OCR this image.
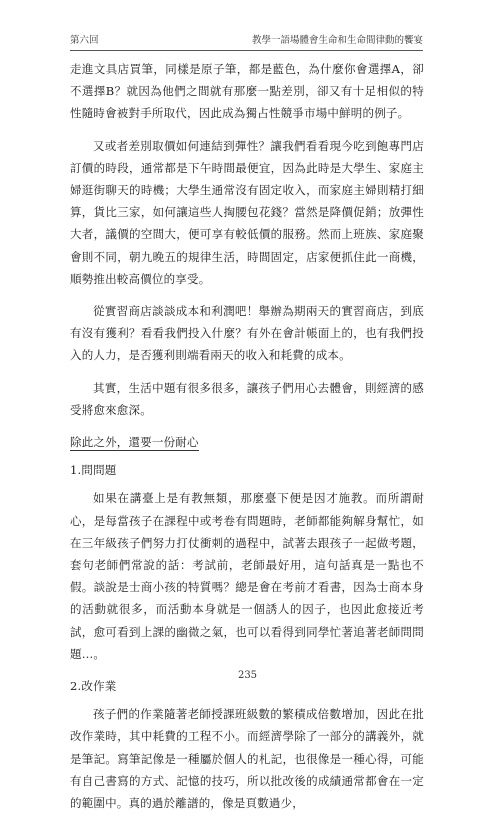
第六回	教學一語場體會生命和生命間律動的饗宴

走進文具店買筆，同樣是原子筆，都是藍色，為什麼你會選擇A，卻不選擇B？就因為他們之間就有那麼一點差別，卻又有十足相似的特性隨時會被對手所取代，因此成為獨占性競爭市場中鮮明的例子。

又或者差別取價如何連結到彈性？讓我們看看現今吃到飽專門店訂價的時段，通常都是下午時間最便宜，因為此時是大學生、家庭主婦逛街聊天的時機；大學生通常沒有固定收入，而家庭主婦則精打細算，貨比三家，如何讓這些人掏腰包花錢？當然是降價促銷；放彈性大者，議價的空間大，便可享有較低價的服務。然而上班族、家庭聚會則不同，朝九晚五的規律生活，時間固定，店家便抓住此一商機，順勢推出較高價位的享受。

從實習商店談談成本和利潤吧！舉辦為期兩天的實習商店，到底有沒有獲利？看看我們投入什麼？有外在會計帳面上的，也有我們投入的人力，是否獲利則端看兩天的收入和耗費的成本。

其實，生活中題有很多很多，讓孩子們用心去體會，則經濟的感受將愈來愈深。

除此之外，還要一份耐心
1.問問題

如果在講臺上是有教無類，那麼臺下便是因才施教。而所謂耐心，是每當孩子在課程中或考卷有問題時，老師都能夠解身幫忙，如在三年級孩子們努力打仗衝刺的過程中，試著去跟孩子一起做考題，套句老師們常說的話：考試前，老師最好用，這句話真是一點也不假。談說是士商小孩的特質嗎？總是會在考前才看書，因為士商本身的活動就很多，而活動本身就是一個誘人的因子，也因此愈接近考試，愈可看到上課的幽微之氣，也可以看得到同學忙著追著老師問問題…。

2.改作業

孩子們的作業隨著老師授課班級數的繁積成倍數增加，因此在批改作業時，其中耗費的工程不小。而經濟學除了一部分的講義外，就是筆記。寫筆記像是一種屬於個人的札記，也很像是一種心得，可能有自己書寫的方式、記憶的技巧，所以批改後的成績通常都會在一定的範圍中。真的過於離譜的，像是頁數過少，

235
